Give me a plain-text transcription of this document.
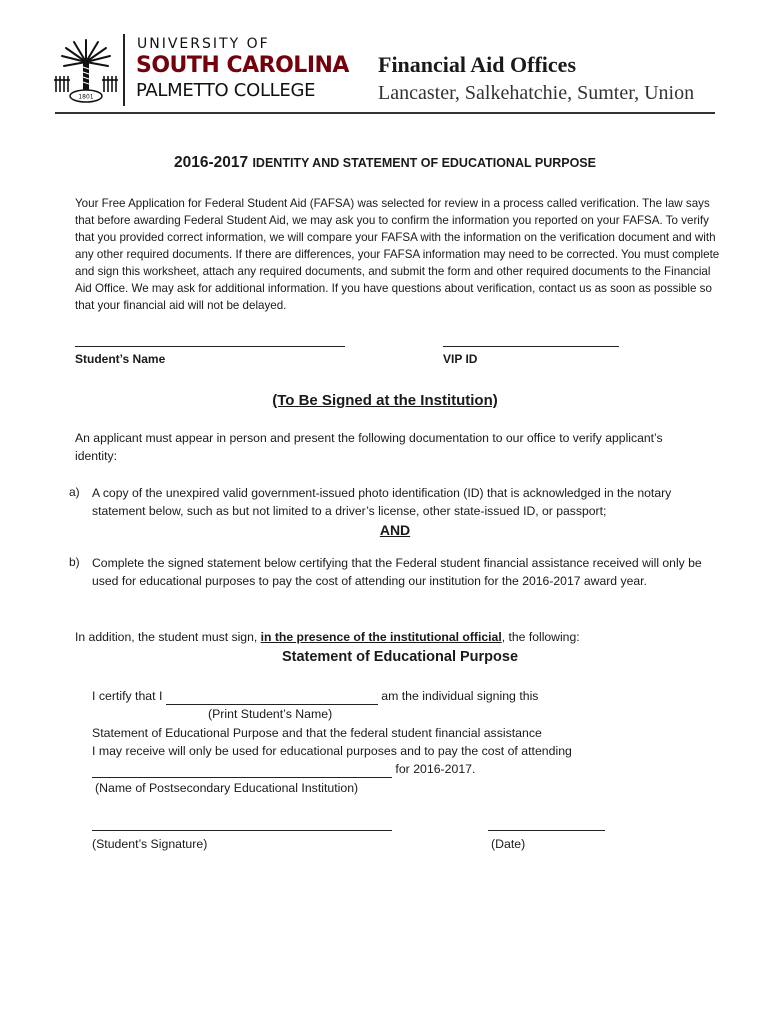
1801
UNIVERSITY OF
SOUTH CAROLINA
PALMETTO COLLEGE
Financial Aid Offices
Lancaster, Salkehatchie, Sumter, Union
2016-2017 IDENTITY AND STATEMENT OF EDUCATIONAL PURPOSE
Your Free Application for Federal Student Aid (FAFSA) was selected for review in a process called verification. The law says that before awarding Federal Student Aid, we may ask you to confirm the information you reported on your FAFSA. To verify that you provided correct information, we will compare your FAFSA with the information on the verification document and with any other required documents. If there are differences, your FAFSA information may need to be corrected. You must complete and sign this worksheet, attach any required documents, and submit the form and other required documents to the Financial Aid Office. We may ask for additional information. If you have questions about verification, contact us as soon as possible so that your financial aid will not be delayed.
Student’s Name	VIP ID
(To Be Signed at the Institution)
An applicant must appear in person and present the following documentation to our office to verify applicant’s identity:
a) A copy of the unexpired valid government-issued photo identification (ID) that is acknowledged in the notary statement below, such as but not limited to a driver’s license, other state-issued ID, or passport;
AND
b) Complete the signed statement below certifying that the Federal student financial assistance received will only be used for educational purposes to pay the cost of attending our institution for the 2016-2017 award year.
In addition, the student must sign, in the presence of the institutional official, the following:
Statement of Educational Purpose
I certify that I	am the individual signing this
(Print Student’s Name)
Statement of Educational Purpose and that the federal student financial assistance
I may receive will only be used for educational purposes and to pay the cost of attending
for 2016-2017.
(Name of Postsecondary Educational Institution)
(Student’s Signature)	(Date)
